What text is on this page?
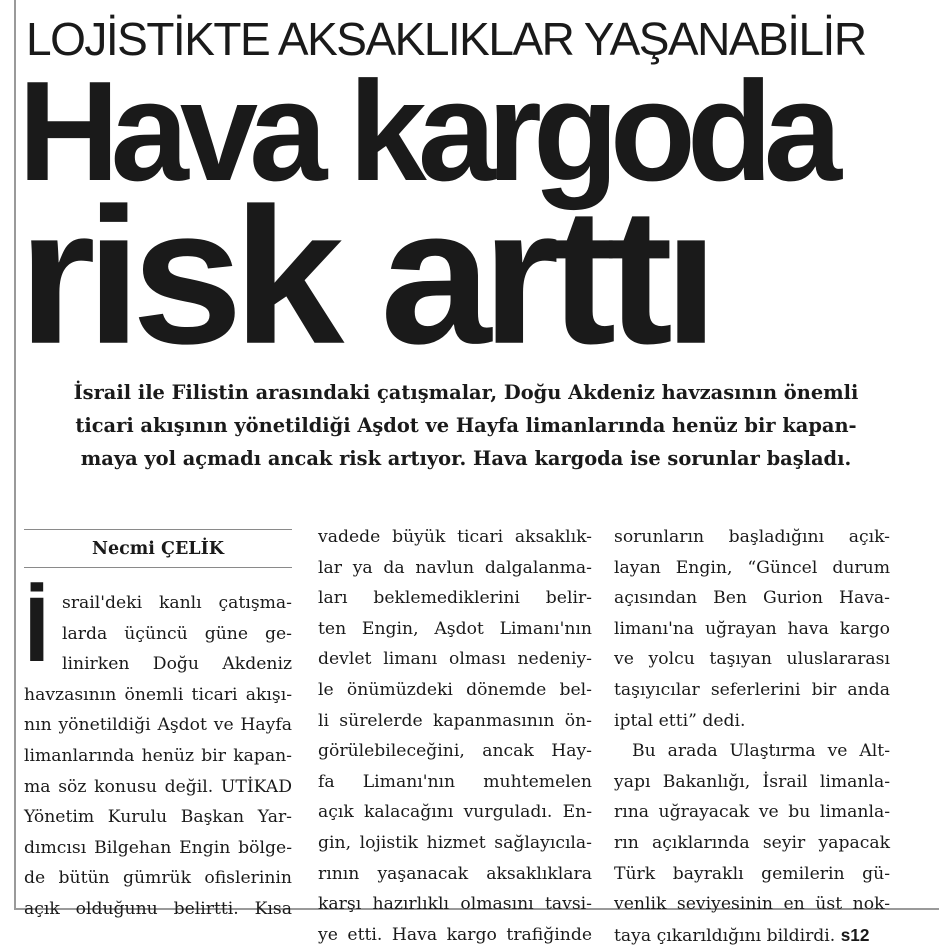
LOJİSTİKTE AKSAKLIKLAR YAŞANABİLİR
Hava kargoda
risk arttı
İsrail ile Filistin arasındaki çatışmalar, Doğu Akdeniz havzasının önemli
ticari akışının yönetildiği Aşdot ve Hayfa limanlarında henüz bir kapan-
maya yol açmadı ancak risk artıyor. Hava kargoda ise sorunlar başladı.
Necmi ÇELİK
İ srail'deki kanlı çatışma-
larda üçüncü güne ge-
linirken Doğu Akdeniz
havzasının önemli ticari akışı-
nın yönetildiği Aşdot ve Hayfa
limanlarında henüz bir kapan-
ma söz konusu değil. UTİKAD
Yönetim Kurulu Başkan Yar-
dımcısı Bilgehan Engin bölge-
de bütün gümrük ofislerinin
açık olduğunu belirtti. Kısa
vadede büyük ticari aksaklık-
lar ya da navlun dalgalanma-
ları beklemediklerini belir-
ten Engin, Aşdot Limanı'nın
devlet limanı olması nedeniy-
le önümüzdeki dönemde bel-
li sürelerde kapanmasının ön-
görülebileceğini, ancak Hay-
fa Limanı'nın muhtemelen
açık kalacağını vurguladı. En-
gin, lojistik hizmet sağlayıcıla-
rının yaşanacak aksaklıklara
karşı hazırlıklı olmasını tavsi-
ye etti. Hava kargo trafiğinde
sorunların başladığını açık-
layan Engin, “Güncel durum
açısından Ben Gurion Hava-
limanı'na uğrayan hava kargo
ve yolcu taşıyan uluslararası
taşıyıcılar seferlerini bir anda
iptal etti” dedi.
Bu arada Ulaştırma ve Alt-
yapı Bakanlığı, İsrail limanla-
rına uğrayacak ve bu limanla-
rın açıklarında seyir yapacak
Türk bayraklı gemilerin gü-
venlik seviyesinin en üst nok-
taya çıkarıldığını bildirdi. s12
